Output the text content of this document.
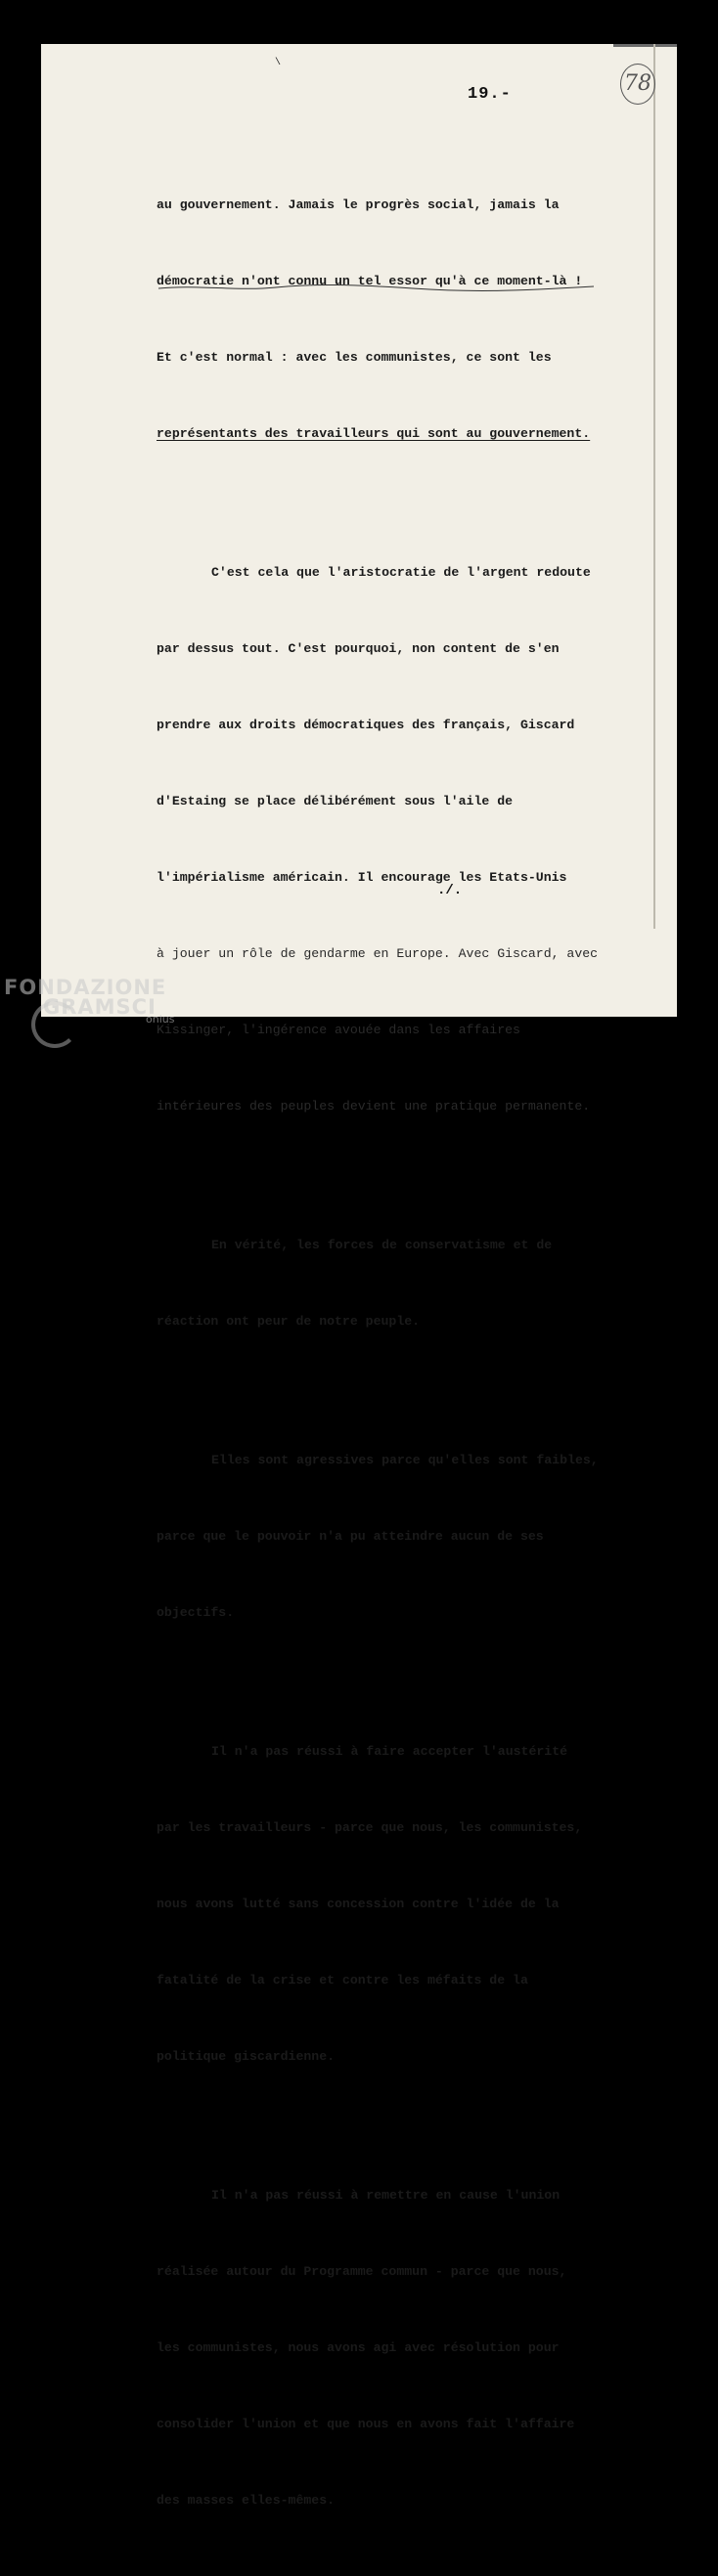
78
\
19.-

au gouvernement. Jamais le progrès social, jamais la

démocratie n'ont connu un tel essor qu'à ce moment-là !

Et c'est normal : avec les communistes, ce sont les

représentants des travailleurs qui sont au gouvernement.

C'est cela que l'aristocratie de l'argent redoute

par dessus tout. C'est pourquoi, non content de s'en

prendre aux droits démocratiques des français, Giscard

d'Estaing se place délibérément sous l'aile de

l'impérialisme américain. Il encourage les Etats-Unis

à jouer un rôle de gendarme en Europe. Avec Giscard, avec

Kissinger, l'ingérence avouée dans les affaires

intérieures des peuples devient une pratique permanente.

En vérité, les forces de conservatisme et de

réaction ont peur de notre peuple.

Elles sont agressives parce qu'elles sont faibles,

parce que le pouvoir n'a pu atteindre aucun de ses

objectifs.

Il n'a pas réussi à faire accepter l'austérité

par les travailleurs - parce que nous, les communistes,

nous avons lutté sans concession contre l'idée de la

fatalité de la crise et contre les méfaits de la

politique giscardienne.

Il n'a pas réussi à remettre en cause l'union

réalisée autour du Programme commun - parce que nous,

les communistes, nous avons agi avec résolution pour

consolider l'union et que nous en avons fait l'affaire

des masses elles-mêmes.

./.
FONDAZIONE
GRAMSCI
onlus
